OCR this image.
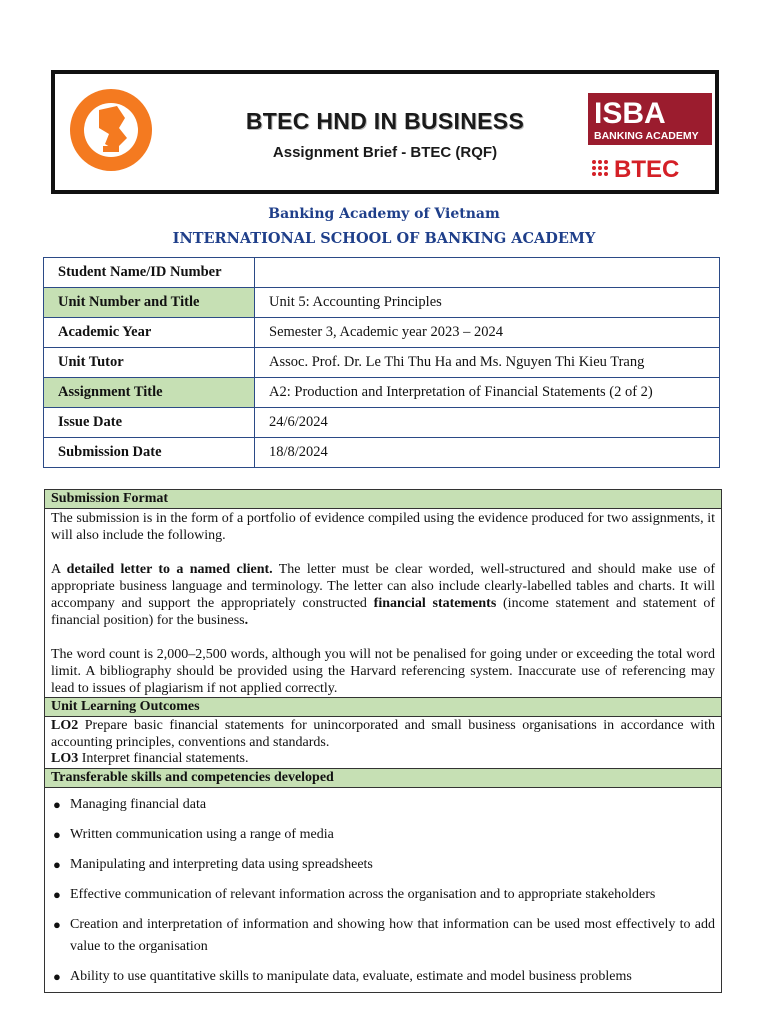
BTEC HND IN BUSINESS
Assignment Brief - BTEC (RQF)
ISBA
BANKING ACADEMY
BTEC
Banking Academy of Vietnam
INTERNATIONAL SCHOOL OF BANKING ACADEMY
Student Name/ID Number	
Unit Number and Title	Unit 5: Accounting Principles
Academic Year	Semester 3, Academic year 2023 – 2024
Unit Tutor	Assoc. Prof. Dr. Le Thi Thu Ha and Ms. Nguyen Thi Kieu Trang
Assignment Title	A2: Production and Interpretation of Financial Statements (2 of 2)
Issue Date	24/6/2024
Submission Date	18/8/2024
Submission Format

The submission is in the form of a portfolio of evidence compiled using the evidence produced for two assignments, it will also include the following.

A detailed letter to a named client. The letter must be clear worded, well-structured and should make use of appropriate business language and terminology. The letter can also include clearly-labelled tables and charts. It will accompany and support the appropriately constructed financial statements (income statement and statement of financial position) for the business.

The word count is 2,000–2,500 words, although you will not be penalised for going under or exceeding the total word limit. A bibliography should be provided using the Harvard referencing system. Inaccurate use of referencing may lead to issues of plagiarism if not applied correctly.

Unit Learning Outcomes

LO2 Prepare basic financial statements for unincorporated and small business organisations in accordance with accounting principles, conventions and standards.

LO3 Interpret financial statements.

Transferable skills and competencies developed
● Managing financial data
● Written communication using a range of media
● Manipulating and interpreting data using spreadsheets
● Effective communication of relevant information across the organisation and to appropriate stakeholders
● Creation and interpretation of information and showing how that information can be used most effectively to add value to the organisation
● Ability to use quantitative skills to manipulate data, evaluate, estimate and model business problems
